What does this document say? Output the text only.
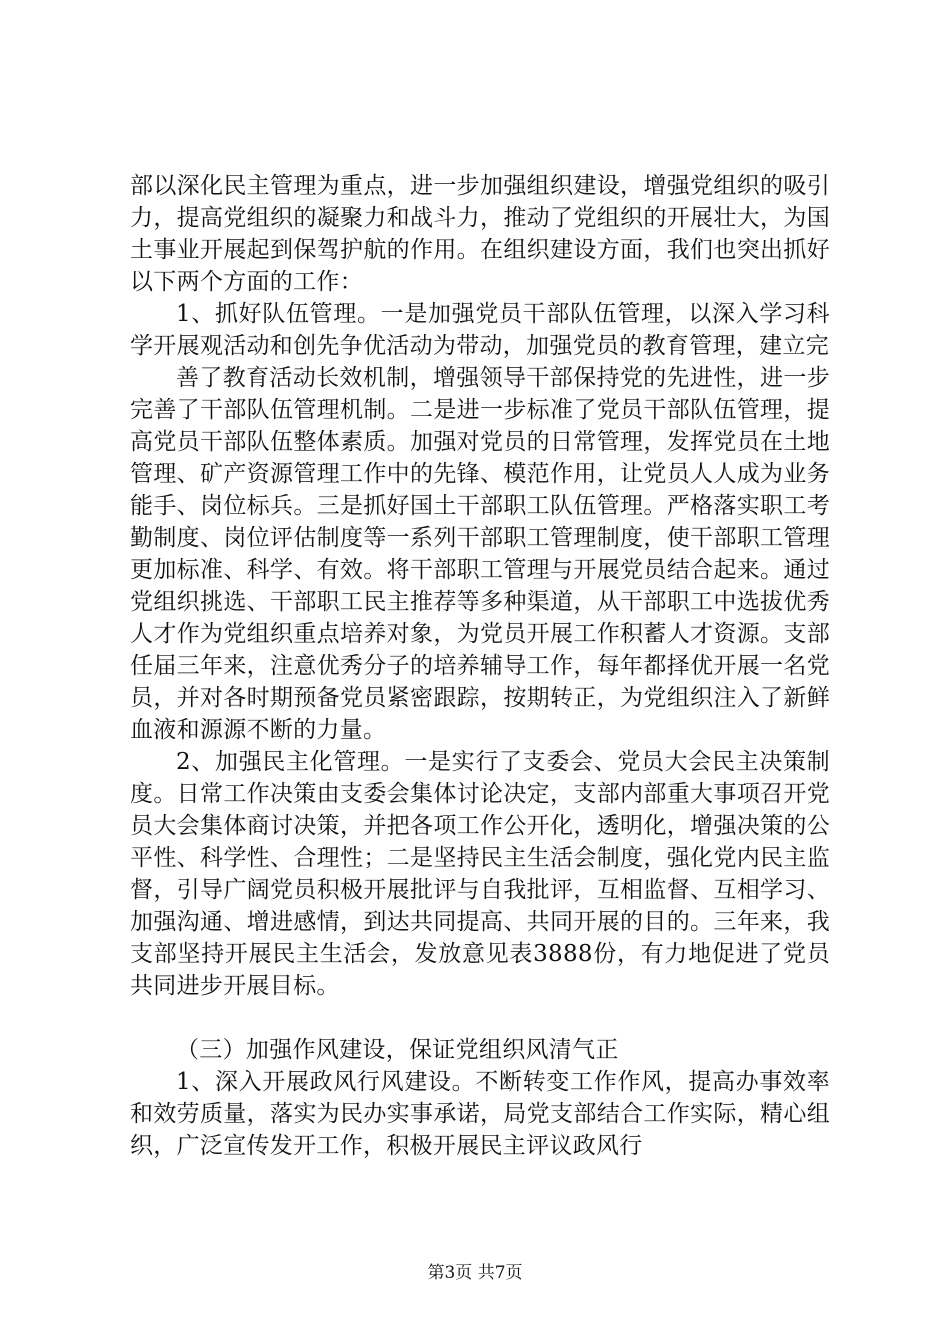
部以深化民主管理为重点，进一步加强组织建设，增强党组织的吸引力，提高党组织的凝聚力和战斗力，推动了党组织的开展壮大，为国土事业开展起到保驾护航的作用。在组织建设方面，我们也突出抓好以下两个方面的工作：

1、抓好队伍管理。一是加强党员干部队伍管理，以深入学习科学开展观活动和创先争优活动为带动，加强党员的教育管理，建立完

善了教育活动长效机制，增强领导干部保持党的先进性，进一步完善了干部队伍管理机制。二是进一步标准了党员干部队伍管理，提高党员干部队伍整体素质。加强对党员的日常管理，发挥党员在土地管理、矿产资源管理工作中的先锋、模范作用，让党员人人成为业务能手、岗位标兵。三是抓好国土干部职工队伍管理。严格落实职工考勤制度、岗位评估制度等一系列干部职工管理制度，使干部职工管理更加标准、科学、有效。将干部职工管理与开展党员结合起来。通过党组织挑选、干部职工民主推荐等多种渠道，从干部职工中选拔优秀人才作为党组织重点培养对象，为党员开展工作积蓄人才资源。支部任届三年来，注意优秀分子的培养辅导工作，每年都择优开展一名党员，并对各时期预备党员紧密跟踪，按期转正，为党组织注入了新鲜血液和源源不断的力量。

2、加强民主化管理。一是实行了支委会、党员大会民主决策制度。日常工作决策由支委会集体讨论决定，支部内部重大事项召开党员大会集体商讨决策，并把各项工作公开化，透明化，增强决策的公平性、科学性、合理性；二是坚持民主生活会制度，强化党内民主监督，引导广阔党员积极开展批评与自我批评，互相监督、互相学习、加强沟通、增进感情，到达共同提高、共同开展的目的。三年来，我支部坚持开展民主生活会，发放意见表3888份，有力地促进了党员共同进步开展目标。

（三）加强作风建设，保证党组织风清气正

1、深入开展政风行风建设。不断转变工作作风，提高办事效率和效劳质量，落实为民办实事承诺，局党支部结合工作实际，精心组织，广泛宣传发开工作，积极开展民主评议政风行

第3页 共7页
